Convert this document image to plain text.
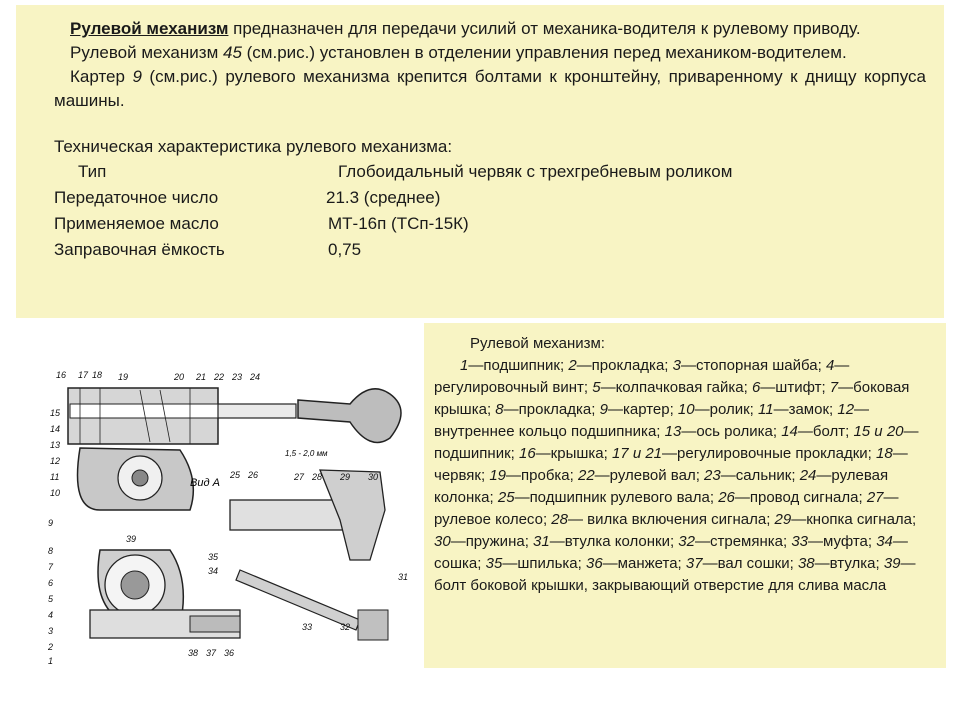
Рулевой механизм предназначен для передачи усилий от механика-водителя к рулевому приводу.

Рулевой механизм 45 (см.рис.) установлен в отделении управления перед механиком-водителем.

Картер 9 (см.рис.) рулевого механизма крепится болтами к кронштейну, приваренному к днищу корпуса машины.

Техническая характеристика рулевого механизма:

Тип	Глобоидальный червяк с трехгребневым роликом
Передаточное число	21.3 (среднее)
Применяемое масло	МТ-16п (ТСп-15К)
Заправочная ёмкость	0,75
Вид А
1,5 - 2,0 мм
16 17 18 19	20 21 22 23 24
15
14
13
12
11
10
9
8
7
6
5
4
3
2
1
25 26	27 28 29 30
39
38 37 36
35
34
33	32
31

Рулевой механизм:

1—подшипник; 2—прокладка; 3—стопорная шайба; 4—регулировочный винт; 5—колпачковая гайка; 6—штифт; 7—боковая крышка; 8—прокладка; 9—картер; 10—ролик; 11—замок; 12—внутреннее кольцо подшипника; 13—ось ролика; 14—болт; 15 и 20—подшипник; 16—крышка; 17 и 21—регулировочные прокладки; 18—червяк; 19—пробка; 22—рулевой вал; 23—сальник; 24—рулевая колонка; 25—подшипник рулевого вала; 26—провод сигнала; 27—рулевое колесо; 28— вилка включения сигнала; 29—кнопка сигнала; 30—пружина; 31—втулка колонки; 32—стремянка; 33—муфта; 34—сошка; 35—шпилька; 36—манжета; 37—вал сошки; 38—втулка; 39—болт боковой крышки, закрывающий отверстие для слива масла
